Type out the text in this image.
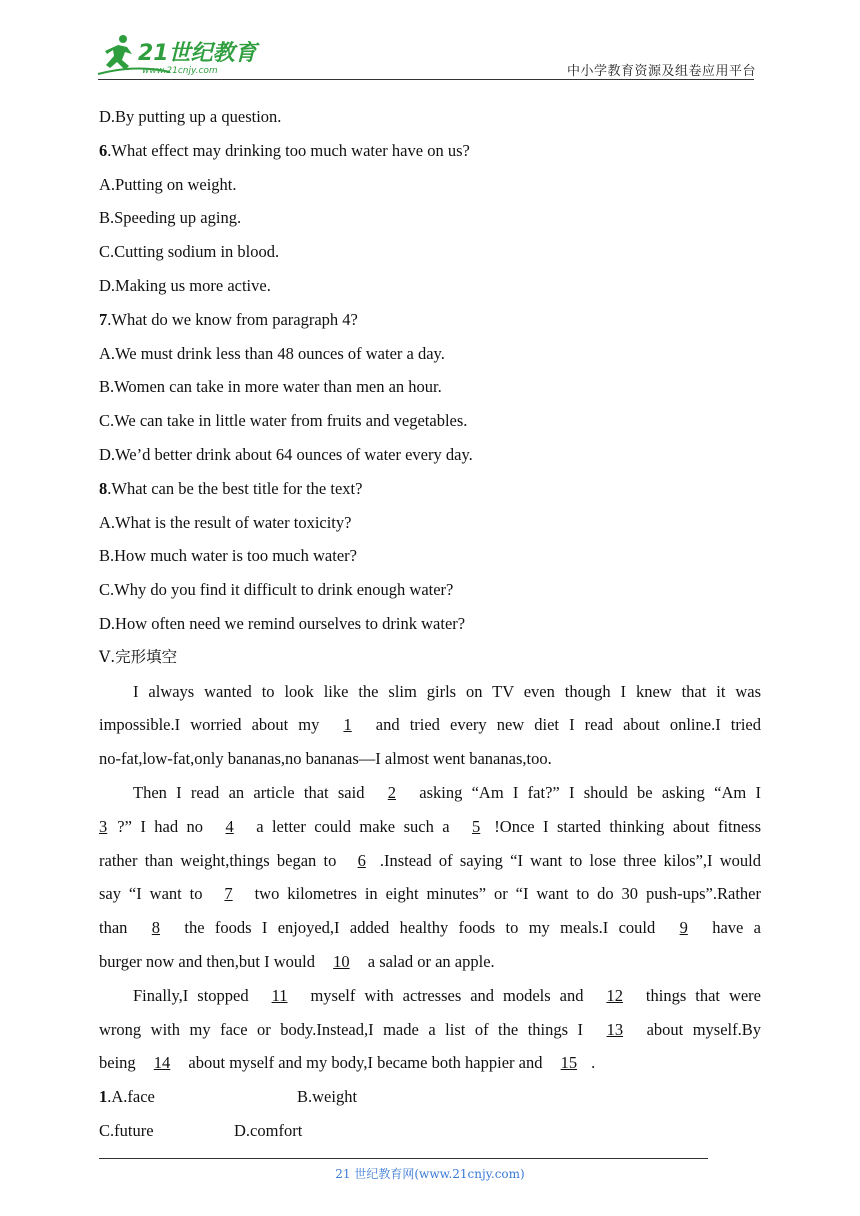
21世纪教育
www.21cnjy.com	中小学教育资源及组卷应用平台
D.By putting up a question.
6.What effect may drinking too much water have on us?
A.Putting on weight.
B.Speeding up aging.
C.Cutting sodium in blood.
D.Making us more active.
7.What do we know from paragraph 4?
A.We must drink less than 48 ounces of water a day.
B.Women can take in more water than men an hour.
C.We can take in little water from fruits and vegetables.
D.We’d better drink about 64 ounces of water every day.
8.What can be the best title for the text?
A.What is the result of water toxicity?
B.How much water is too much water?
C.Why do you find it difficult to drink enough water?
D.How often need we remind ourselves to drink water?
Ⅴ.完形填空
I always wanted to look like the slim girls on TV even though I knew that it was
impossible.I worried about my 1 and tried every new diet I read about online.I tried
no-fat,low-fat,only bananas,no bananas—I almost went bananas,too.
Then I read an article that said 2 asking “Am I fat?” I should be asking “Am I
3 ?” I had no 4 a letter could make such a 5 !Once I started thinking about fitness
rather than weight,things began to 6 .Instead of saying “I want to lose three kilos”,I would
say “I want to 7 two kilometres in eight minutes” or “I want to do 30 push-ups”.Rather
than 8 the foods I enjoyed,I added healthy foods to my meals.I could 9 have a
burger now and then,but I would 10 a salad or an apple.
Finally,I stopped 11 myself with actresses and models and 12 things that were
wrong with my face or body.Instead,I made a list of the things I 13 about myself.By
being 14 about myself and my body,I became both happier and 15 .
1.A.face	B.weight
C.future	D.comfort
21 世纪教育网(www.21cnjy.com)
